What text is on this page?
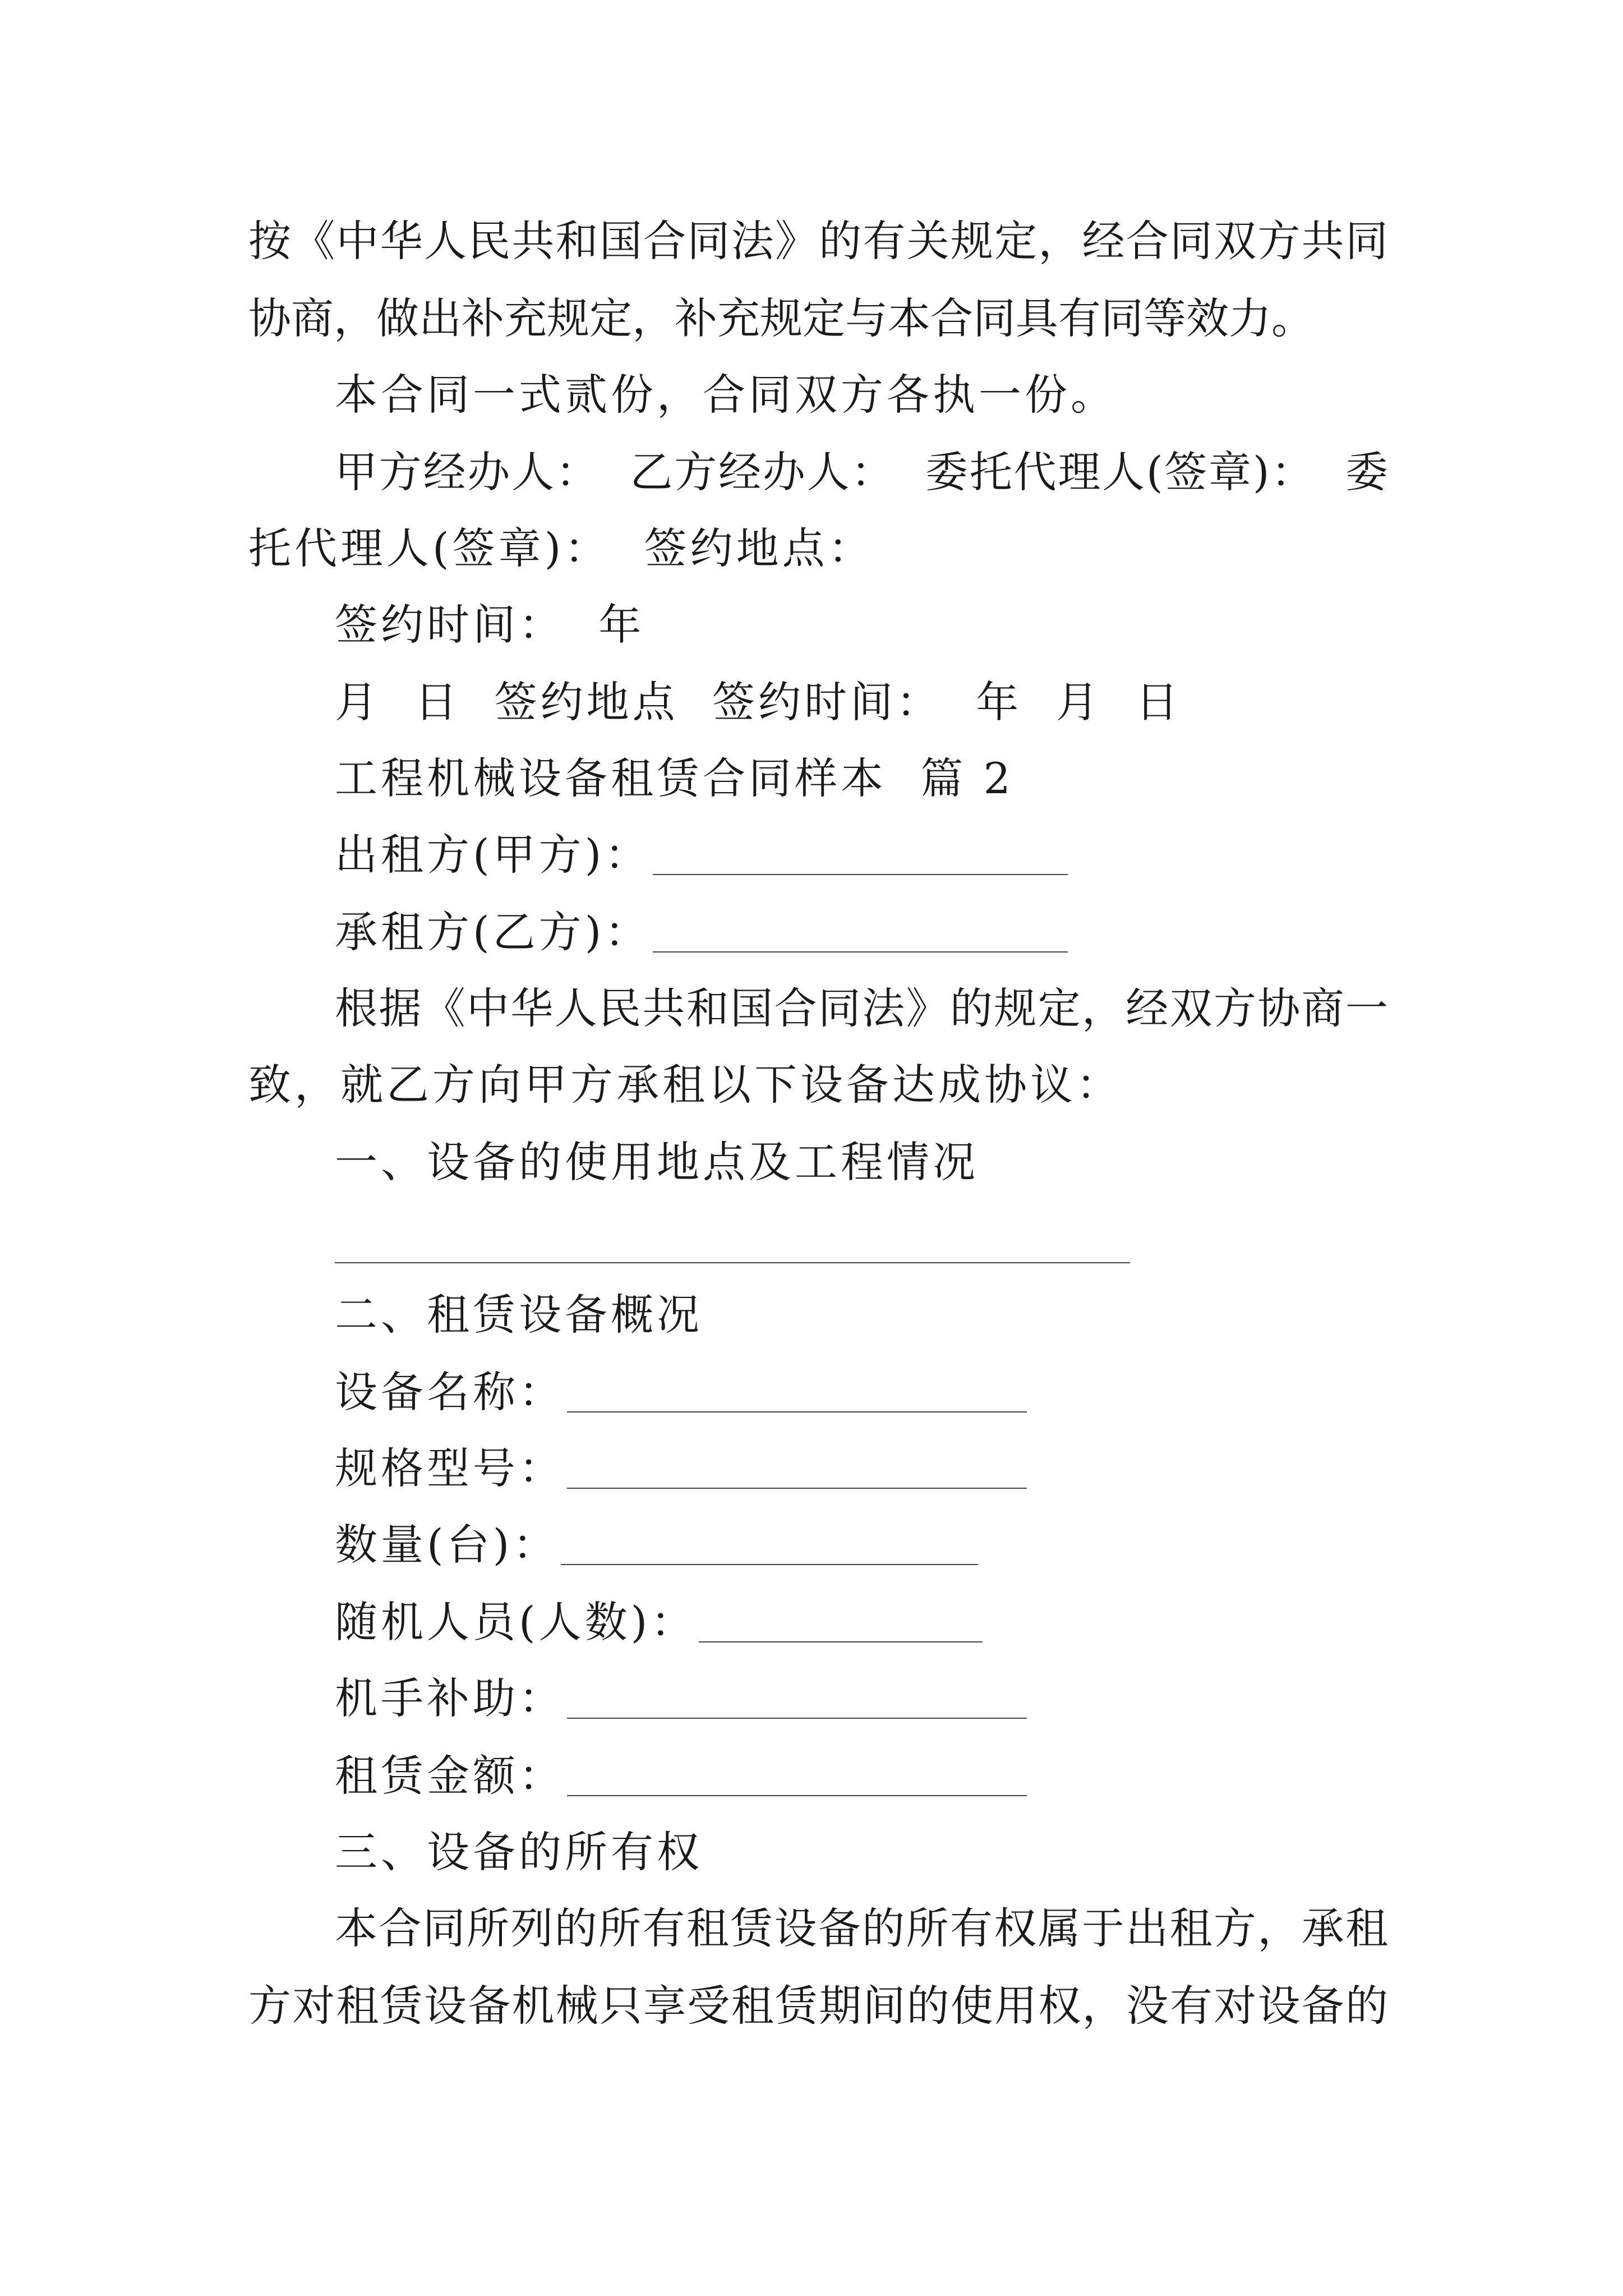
按《中华人民共和国合同法》的有关规定，经合同双方共同
协商，做出补充规定，补充规定与本合同具有同等效力。
本合同一式贰份，合同双方各执一份。
甲方经办人：  乙方经办人：  委托代理人(签章)：  委
托代理人(签章)：  签约地点：
签约时间：  年
月  日  签约地点  签约时间：  年  月  日
工程机械设备租赁合同样本  篇 2
出租方(甲方)：
承租方(乙方)：
根据《中华人民共和国合同法》的规定，经双方协商一
致，就乙方向甲方承租以下设备达成协议：
一、设备的使用地点及工程情况
二、租赁设备概况
设备名称：
规格型号：
数量(台)：
随机人员(人数)：
机手补助：
租赁金额：
三、设备的所有权
本合同所列的所有租赁设备的所有权属于出租方，承租
方对租赁设备机械只享受租赁期间的使用权，没有对设备的
